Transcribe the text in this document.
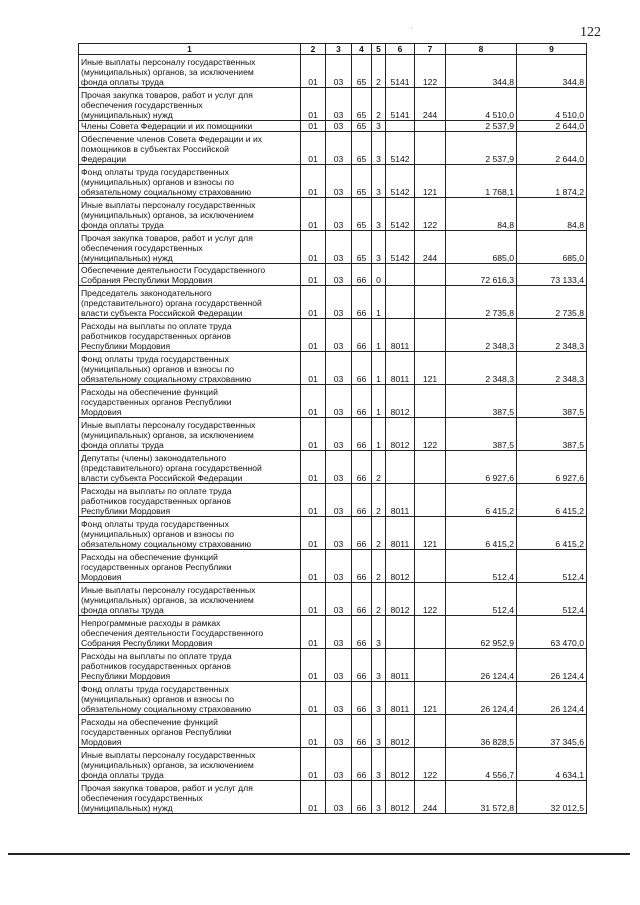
122
·
1	2	3	4	5	6	7	8	9
Иные выплаты персоналу государственных
(муниципальных) органов, за исключением
фонда оплаты труда	01	03	65	2	5141	122	344,8	344,8
Прочая закупка товаров, работ и услуг для
обеспечения государственных
(муниципальных) нужд	01	03	65	2	5141	244	4 510,0	4 510,0
Члены Совета Федерации и их помощники	01	03	65	3			2 537,9	2 644,0
Обеспечение членов Совета Федерации и их
помощников в субъектах Российской
Федерации	01	03	65	3	5142		2 537,9	2 644,0
Фонд оплаты труда государственных
(муниципальных) органов и взносы по
обязательному социальному страхованию	01	03	65	3	5142	121	1 768,1	1 874,2
Иные выплаты персоналу государственных
(муниципальных) органов, за исключением
фонда оплаты труда	01	03	65	3	5142	122	84,8	84,8
Прочая закупка товаров, работ и услуг для
обеспечения государственных
(муниципальных) нужд	01	03	65	3	5142	244	685,0	685,0
Обеспечение деятельности Государственного
Собрания Республики Мордовия	01	03	66	0			72 616,3	73 133,4
Председатель законодательного
(представительного) органа государственной
власти субъекта Российской Федерации	01	03	66	1			2 735,8	2 735,8
Расходы на выплаты по оплате труда
работников государственных органов
Республики Мордовия	01	03	66	1	8011		2 348,3	2 348,3
Фонд оплаты труда государственных
(муниципальных) органов и взносы по
обязательному социальному страхованию	01	03	66	1	8011	121	2 348,3	2 348,3
Расходы на обеспечение функций
государственных органов Республики
Мордовия	01	03	66	1	8012		387,5	387,5
Иные выплаты персоналу государственных
(муниципальных) органов, за исключением
фонда оплаты труда	01	03	66	1	8012	122	387,5	387,5
Депутаты (члены) законодательного
(представительного) органа государственной
власти субъекта Российской Федерации	01	03	66	2			6 927,6	6 927,6
Расходы на выплаты по оплате труда
работников государственных органов
Республики Мордовия	01	03	66	2	8011		6 415,2	6 415,2
Фонд оплаты труда государственных
(муниципальных) органов и взносы по
обязательному социальному страхованию	01	03	66	2	8011	121	6 415,2	6 415,2
Расходы на обеспечение функций
государственных органов Республики
Мордовия	01	03	66	2	8012		512,4	512,4
Иные выплаты персоналу государственных
(муниципальных) органов, за исключением
фонда оплаты труда	01	03	66	2	8012	122	512,4	512,4
Непрограммные расходы в рамках
обеспечения деятельности Государственного
Собрания Республики Мордовия	01	03	66	3			62 952,9	63 470,0
Расходы на выплаты по оплате труда
работников государственных органов
Республики Мордовия	01	03	66	3	8011		26 124,4	26 124,4
Фонд оплаты труда государственных
(муниципальных) органов и взносы по
обязательному социальному страхованию	01	03	66	3	8011	121	26 124,4	26 124,4
Расходы на обеспечение функций
государственных органов Республики
Мордовия	01	03	66	3	8012		36 828,5	37 345,6
Иные выплаты персоналу государственных
(муниципальных) органов, за исключением
фонда оплаты труда	01	03	66	3	8012	122	4 556,7	4 634,1
Прочая закупка товаров, работ и услуг для
обеспечения государственных
(муниципальных) нужд	01	03	66	3	8012	244	31 572,8	32 012,5
